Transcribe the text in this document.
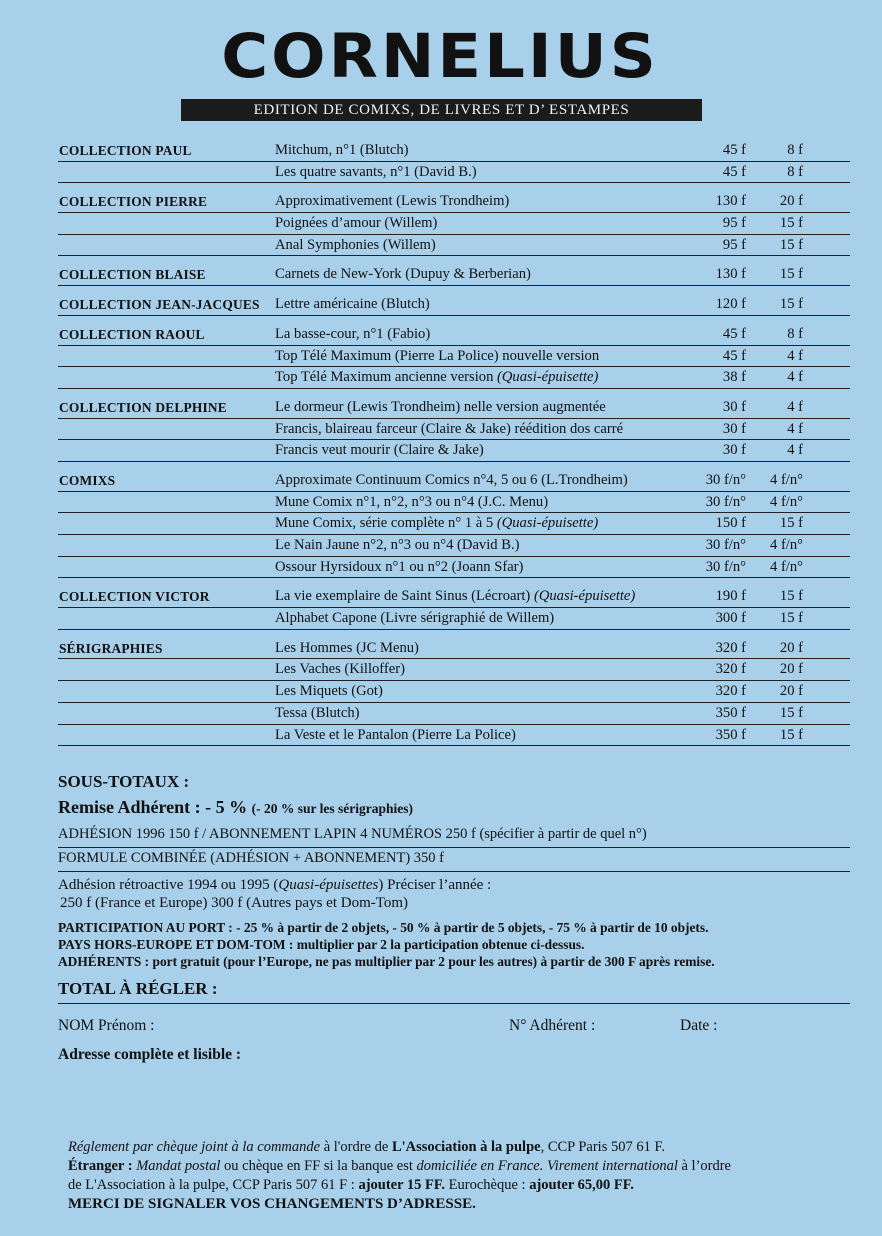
CORNELIUS
EDITION DE COMIXS, DE LIVRES ET D’ ESTAMPES
COLLECTION PAUL	Mitchum, n°1 (Blutch)	45 f	8 f
Les quatre savants, n°1 (David B.)	45 f	8 f
COLLECTION PIERRE	Approximativement (Lewis Trondheim)	130 f 20 f
Poignées d’amour (Willem)	95 f 15 f
Anal Symphonies (Willem)	95 f 15 f
COLLECTION BLAISE	Carnets de New-York (Dupuy & Berberian)	130 f 15 f
COLLECTION JEAN-JACQUES Lettre américaine (Blutch)	120 f 15 f
COLLECTION RAOUL	La basse-cour, n°1 (Fabio)	45 f	8 f
Top Télé Maximum (Pierre La Police) nouvelle version	45 f	4 f
Top Télé Maximum ancienne version (Quasi-épuisette)	38 f	4 f
COLLECTION DELPHINE	Le dormeur (Lewis Trondheim) nelle version augmentée	30 f	4 f
Francis, blaireau farceur (Claire & Jake) réédition dos carré	30 f	4 f
Francis veut mourir (Claire & Jake)	30 f	4 f
COMIXS	Approximate Continuum Comics n°4, 5 ou 6 (L.Trondheim)	30 f/n° 4 f/n°
Mune Comix n°1, n°2, n°3 ou n°4 (J.C. Menu)	30 f/n° 4 f/n°
Mune Comix, série complète n° 1 à 5 (Quasi-épuisette)	150 f 15 f
Le Nain Jaune n°2, n°3 ou n°4 (David B.)	30 f/n° 4 f/n°
Ossour Hyrsidoux n°1 ou n°2 (Joann Sfar)	30 f/n° 4 f/n°
COLLECTION VICTOR	La vie exemplaire de Saint Sinus (Lécroart) (Quasi-épuisette)	190 f 15 f
Alphabet Capone (Livre sérigraphié de Willem)	300 f 15 f
SÉRIGRAPHIES	Les Hommes (JC Menu)	320 f 20 f
Les Vaches (Killoffer)	320 f 20 f
Les Miquets (Got)	320 f 20 f
Tessa (Blutch)	350 f 15 f
La Veste et le Pantalon (Pierre La Police)	350 f 15 f
SOUS-TOTAUX :
Remise Adhérent : - 5 % (- 20 % sur les sérigraphies)
ADHÉSION 1996 150 f / ABONNEMENT LAPIN 4 NUMÉROS 250 f (spécifier à partir de quel n°)
FORMULE COMBINÉE (ADHÉSION + ABONNEMENT) 350 f
Adhésion rétroactive 1994 ou 1995 (Quasi-épuisettes) Préciser l’année :
250 f (France et Europe) 300 f (Autres pays et Dom-Tom)
PARTICIPATION AU PORT : - 25 % à partir de 2 objets, - 50 % à partir de 5 objets, - 75 % à partir de 10 objets.
PAYS HORS-EUROPE ET DOM-TOM : multiplier par 2 la participation obtenue ci-dessus.
ADHÉRENTS : port gratuit (pour l’Europe, ne pas multiplier par 2 pour les autres) à partir de 300 F après remise.
TOTAL À RÉGLER :
NOM Prénom :	N° Adhérent :	Date :
Adresse complète et lisible :
Réglement par chèque joint à la commande à l'ordre de L'Association à la pulpe, CCP Paris 507 61 F.
Étranger : Mandat postal ou chèque en FF si la banque est domiciliée en France. Virement international à l’ordre
de L'Association à la pulpe, CCP Paris 507 61 F : ajouter 15 FF. Eurochèque : ajouter 65,00 FF.
MERCI DE SIGNALER VOS CHANGEMENTS D’ADRESSE.
